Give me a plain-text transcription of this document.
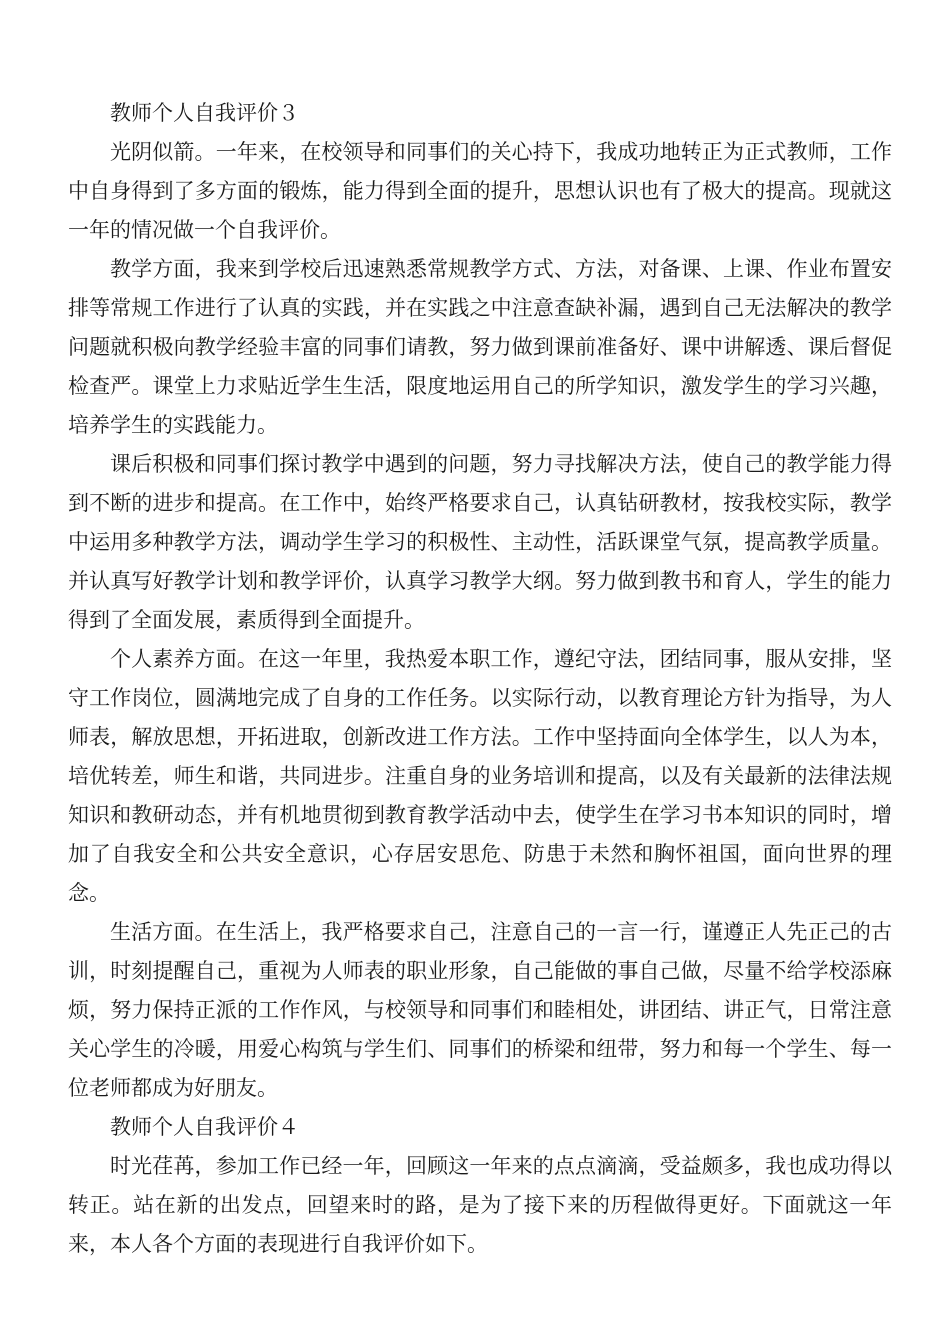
教师个人自我评价３

光阴似箭。一年来，在校领导和同事们的关心持下，我成功地转正为正式教师，工作中自身得到了多方面的锻炼，能力得到全面的提升，思想认识也有了极大的提高。现就这一年的情况做一个自我评价。

教学方面，我来到学校后迅速熟悉常规教学方式、方法，对备课、上课、作业布置安排等常规工作进行了认真的实践，并在实践之中注意查缺补漏，遇到自己无法解决的教学问题就积极向教学经验丰富的同事们请教，努力做到课前准备好、课中讲解透、课后督促检查严。课堂上力求贴近学生生活，限度地运用自己的所学知识，激发学生的学习兴趣，培养学生的实践能力。

课后积极和同事们探讨教学中遇到的问题，努力寻找解决方法，使自己的教学能力得到不断的进步和提高。在工作中，始终严格要求自己，认真钻研教材，按我校实际，教学中运用多种教学方法，调动学生学习的积极性、主动性，活跃课堂气氛，提高教学质量。并认真写好教学计划和教学评价，认真学习教学大纲。努力做到教书和育人，学生的能力得到了全面发展，素质得到全面提升。

个人素养方面。在这一年里，我热爱本职工作，遵纪守法，团结同事，服从安排，坚守工作岗位，圆满地完成了自身的工作任务。以实际行动，以教育理论方针为指导，为人师表，解放思想，开拓进取，创新改进工作方法。工作中坚持面向全体学生，以人为本，培优转差，师生和谐，共同进步。注重自身的业务培训和提高，以及有关最新的法律法规知识和教研动态，并有机地贯彻到教育教学活动中去，使学生在学习书本知识的同时，增加了自我安全和公共安全意识，心存居安思危、防患于未然和胸怀祖国，面向世界的理念。

生活方面。在生活上，我严格要求自己，注意自己的一言一行，谨遵正人先正己的古训，时刻提醒自己，重视为人师表的职业形象，自己能做的事自己做，尽量不给学校添麻烦，努力保持正派的工作作风，与校领导和同事们和睦相处，讲团结、讲正气，日常注意关心学生的冷暖，用爱心构筑与学生们、同事们的桥梁和纽带，努力和每一个学生、每一位老师都成为好朋友。

教师个人自我评价４

时光荏苒，参加工作已经一年，回顾这一年来的点点滴滴，受益颇多，我也成功得以转正。站在新的出发点，回望来时的路，是为了接下来的历程做得更好。下面就这一年来，本人各个方面的表现进行自我评价如下。
